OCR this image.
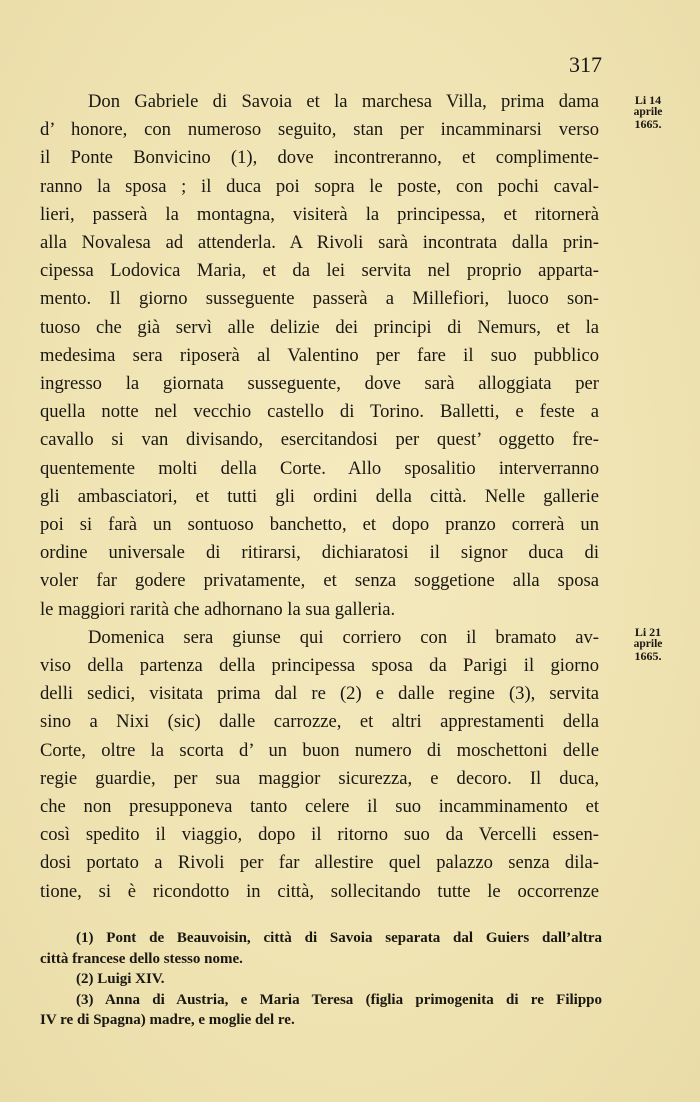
317
Li 14
aprile
1665.
Li 21
aprile
1665.
Don Gabriele di Savoia et la marchesa Villa, prima dama
d’ honore, con numeroso seguito, stan per incamminarsi verso
il Ponte Bonvicino (1), dove incontreranno, et complimente-
ranno la sposa ; il duca poi sopra le poste, con pochi caval-
lieri, passerà la montagna, visiterà la principessa, et ritornerà
alla Novalesa ad attenderla. A Rivoli sarà incontrata dalla prin-
cipessa Lodovica Maria, et da lei servita nel proprio apparta-
mento. Il giorno susseguente passerà a Millefiori, luoco son-
tuoso che già servì alle delizie dei principi di Nemurs, et la
medesima sera riposerà al Valentino per fare il suo pubblico
ingresso la giornata susseguente, dove sarà alloggiata per
quella notte nel vecchio castello di Torino. Balletti, e feste a
cavallo si van divisando, esercitandosi per quest’ oggetto fre-
quentemente molti della Corte. Allo sposalitio interverranno
gli ambasciatori, et tutti gli ordini della città. Nelle gallerie
poi si farà un sontuoso banchetto, et dopo pranzo correrà un
ordine universale di ritirarsi, dichiaratosi il signor duca di
voler far godere privatamente, et senza soggetione alla sposa
le maggiori rarità che adhornano la sua galleria.
Domenica sera giunse qui corriero con il bramato av-
viso della partenza della principessa sposa da Parigi il giorno
delli sedici, visitata prima dal re (2) e dalle regine (3), servita
sino a Nixi (sic) dalle carrozze, et altri apprestamenti della
Corte, oltre la scorta d’ un buon numero di moschettoni delle
regie guardie, per sua maggior sicurezza, e decoro. Il duca,
che non presupponeva tanto celere il suo incamminamento et
così spedito il viaggio, dopo il ritorno suo da Vercelli essen-
dosi portato a Rivoli per far allestire quel palazzo senza dila-
tione, si è ricondotto in città, sollecitando tutte le occorrenze
(1) Pont de Beauvoisin, città di Savoia separata dal Guiers dall’altra
città francese dello stesso nome.
(2) Luigi XIV.
(3) Anna di Austria, e Maria Teresa (figlia primogenita di re Filippo
IV re di Spagna) madre, e moglie del re.
